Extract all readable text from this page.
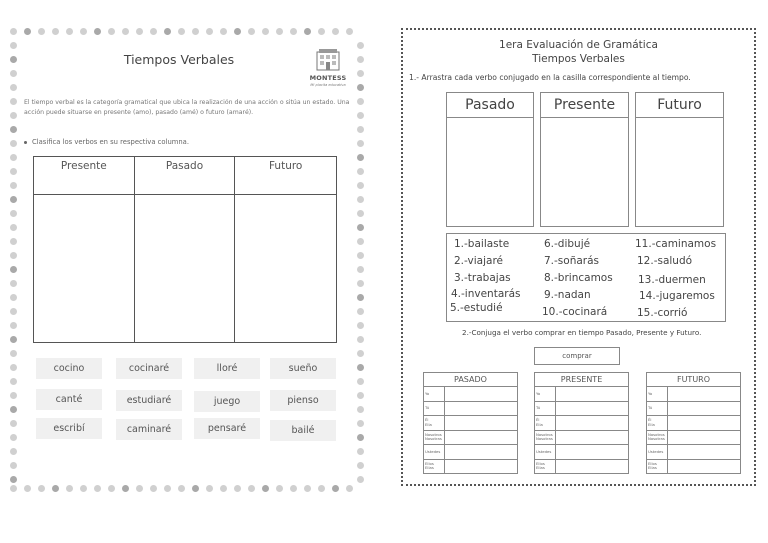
Tiempos Verbales
MONTESS
Mi placita educativa
El tiempo verbal es la categoría gramatical que ubica la realización de una acción o sitúa un estado. Una acción puede situarse en presente (amo), pasado (amé) o futuro (amaré).
Clasifica los verbos en su respectiva columna.
Presente	Pasado	Futuro
cocino	cocinaré	lloré	sueño
canté	estudiaré	juego	pienso
escribí	caminaré	pensaré	bailé
1era Evaluación de Gramática
Tiempos Verbales
1.- Arrastra cada verbo conjugado en la casilla correspondiente al tiempo.
Pasado	Presente	Futuro
1.-bailaste
2.-viajaré
3.-trabajas
4.-inventarás
5.-estudié
6.-dibujé
7.-soñarás
8.-brincamos
9.-nadan
10.-cocinará
11.-caminamos
12.-saludó
13.-duermen
14.-jugaremos
15.-corrió
2.-Conjuga el verbo comprar en tiempo Pasado, Presente y Futuro.
comprar
PASADO
Yo
Tú
Él
Ella
Nosotros
Nosotras
Ustedes
Ellos
Ellas
PRESENTE
Yo
Tú
Él
Ella
Nosotros
Nosotras
Ustedes
Ellos
Ellas
FUTURO
Yo
Tú
Él
Ella
Nosotros
Nosotras
Ustedes
Ellos
Ellas
